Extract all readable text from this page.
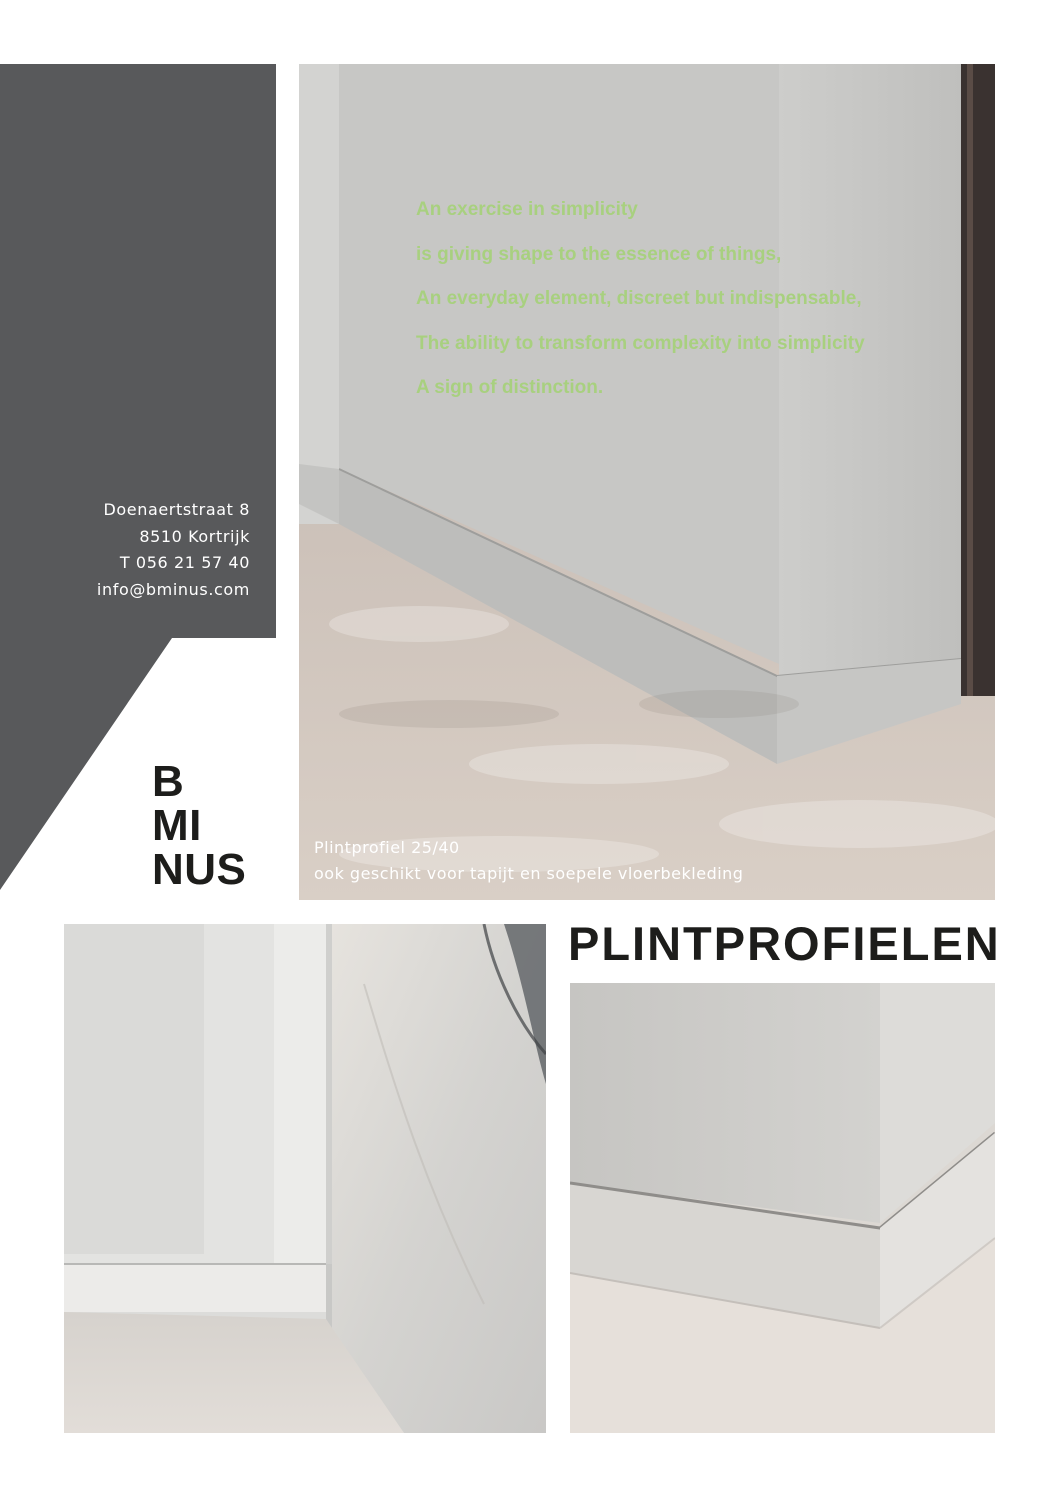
Doenaertstraat 8
8510 Kortrijk
T 056 21 57 40
info@bminus.com
B
MI
NUS
An exercise in simplicity
is giving shape to the essence of things,
An everyday element, discreet but indispensable,
The ability to transform complexity into simplicity
A sign of distinction.
Plintprofiel 25/40
ook geschikt voor tapijt en soepele vloerbekleding
PLINTPROFIELEN
